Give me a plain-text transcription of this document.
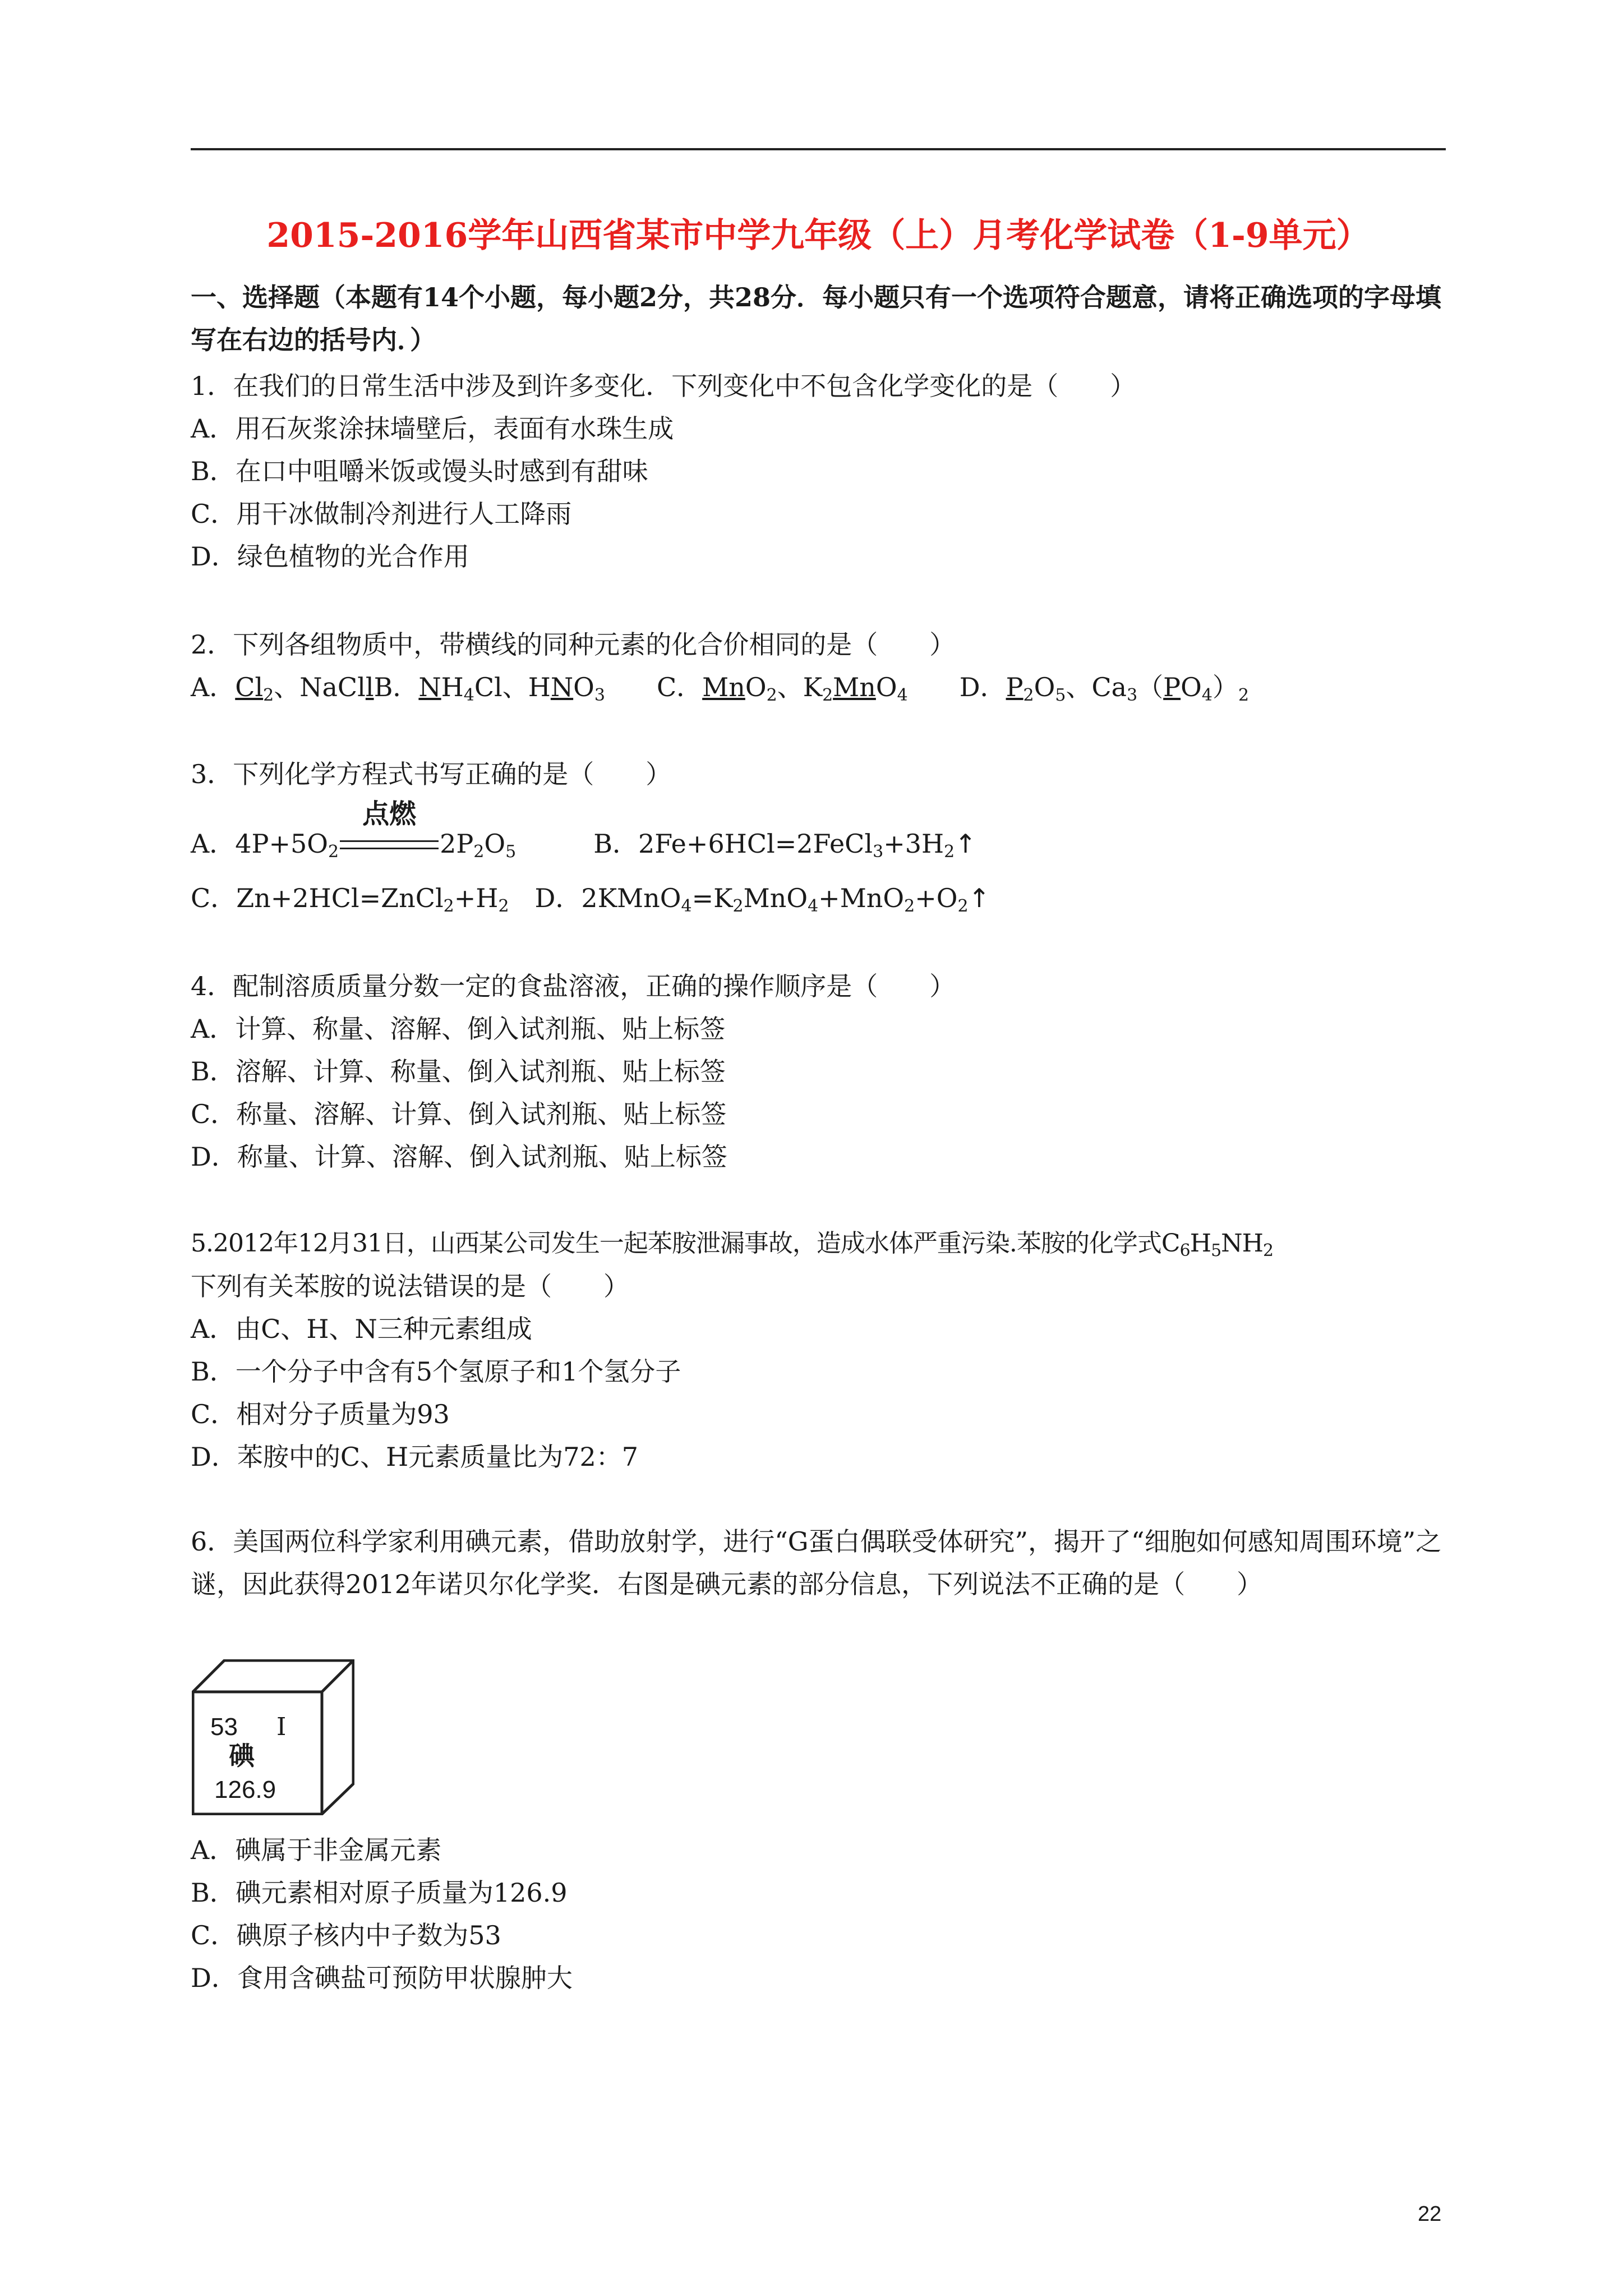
2015-2016学年山西省某市中学九年级（上）月考化学试卷（1-9单元）
一、选择题（本题有14个小题，每小题2分，共28分．每小题只有一个选项符合题意，请将正确选项的字母填写在右边的括号内．）
1．在我们的日常生活中涉及到许多变化．下列变化中不包含化学变化的是（　　）
A．用石灰浆涂抹墙壁后，表面有水珠生成
B．在口中咀嚼米饭或馒头时感到有甜味
C．用干冰做制冷剂进行人工降雨
D．绿色植物的光合作用
2．下列各组物质中，带横线的同种元素的化合价相同的是（　　）
A．$Cl_2$、NaCllB．$NH_4Cl$、$HNO_3$　　 C．MnO$_2$、$K_2MnO_4$　　 D．$P_2O_5$、$Ca_3(PO_4)_2$
3．下列化学方程式书写正确的是（　　）
A．$4P+5O_2$
点燃
$2P_2O_5$　　　	B．$2Fe+6HCl=2FeCl_3+3H_2↑$
C．$Zn+2HCl=ZnCl_2+H_2$　 D．$2KMnO_4=K_2MnO_4+MnO_2+O_2↑$
4．配制溶质质量分数一定的食盐溶液，正确的操作顺序是（　　）
A．计算、称量、溶解、倒入试剂瓶、贴上标签
B．溶解、计算、称量、倒入试剂瓶、贴上标签
C．称量、溶解、计算、倒入试剂瓶、贴上标签
D．称量、计算、溶解、倒入试剂瓶、贴上标签
5.2012年12月31日，山西某公司发生一起苯胺泄漏事故，造成水体严重污染.苯胺的化学式$C_6H_5NH_2$
下列有关苯胺的说法错误的是（　　）
A．由C、H、N三种元素组成
B．一个分子中含有5个氢原子和1个氢分子
C．相对分子质量为93
D．苯胺中的C、H元素质量比为72：7
6．美国两位科学家利用碘元素，借助放射学，进行“G蛋白偶联受体研究”，揭开了“细胞如何感知周围环境”之谜，因此获得2012年诺贝尔化学奖．右图是碘元素的部分信息，下列说法不正确的是（　　）
53 I
碘
126.9
A．碘属于非金属元素
B．碘元素相对原子质量为126.9
C．碘原子核内中子数为53
D．食用含碘盐可预防甲状腺肿大
22
